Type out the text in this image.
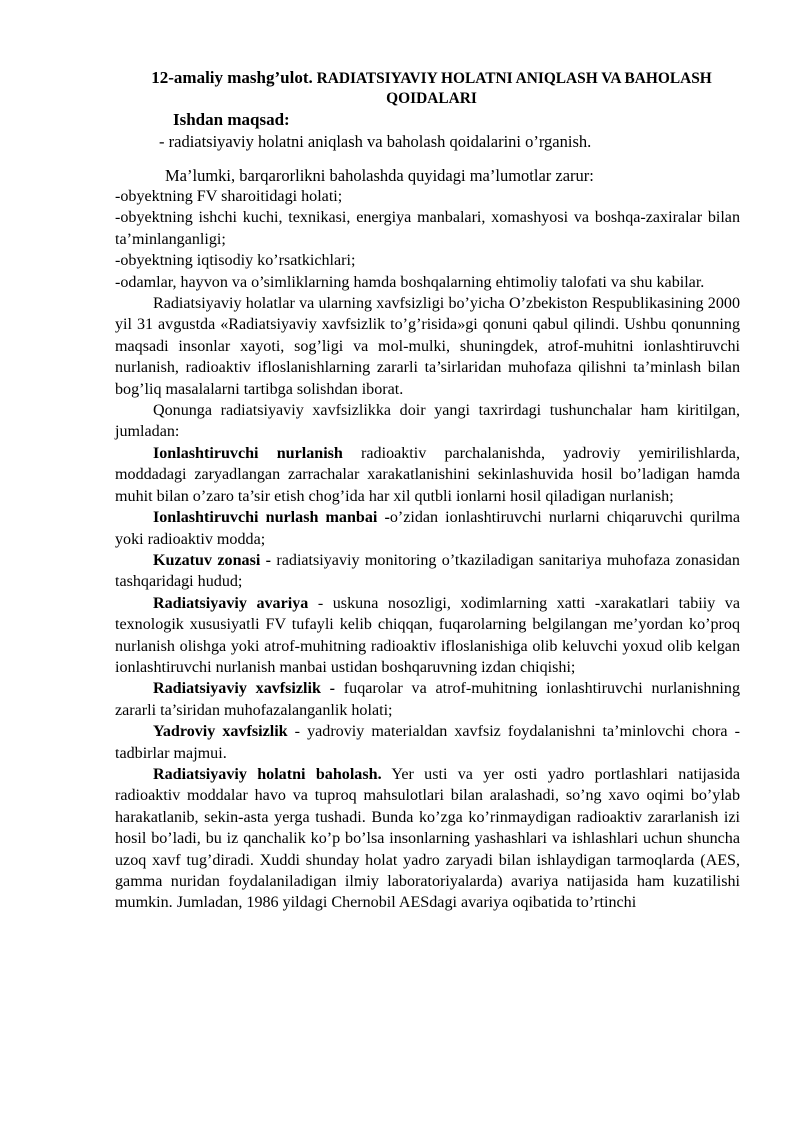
12-amaliy mashg’ulot. RADIATSIYAVIY HOLATNI ANIQLASH VA BAHOLASH QOIDALARI
Ishdan maqsad:
- radiatsiyaviy holatni aniqlash va baholash qoidalarini o’rganish.
Ma’lumki, barqarorlikni baholashda quyidagi ma’lumotlar zarur:

-obyektning FV sharoitidagi holati;

-obyektning ishchi kuchi, texnikasi, energiya manbalari, xomashyosi va boshqa-zaxiralar bilan ta’minlanganligi;

-obyektning iqtisodiy ko’rsatkichlari;

-odamlar, hayvon va o’simliklarning hamda boshqalarning ehtimoliy talofati va shu kabilar.

Radiatsiyaviy holatlar va ularning xavfsizligi bo’yicha O’zbekiston Respublikasining 2000 yil 31 avgustda «Radiatsiyaviy xavfsizlik to’g’risida»gi qonuni qabul qilindi. Ushbu qonunning maqsadi insonlar xayoti, sog’ligi va mol-mulki, shuningdek, atrof-muhitni ionlashtiruvchi nurlanish, radioaktiv ifloslanishlarning zararli ta’sirlaridan muhofaza qilishni ta’minlash bilan bog’liq masalalarni tartibga solishdan iborat.

Qonunga radiatsiyaviy xavfsizlikka doir yangi taxrirdagi tushunchalar ham kiritilgan, jumladan:

Ionlashtiruvchi nurlanish radioaktiv parchalanishda, yadroviy yemirilishlarda, moddadagi zaryadlangan zarrachalar xarakatlanishini sekinlashuvida hosil bo’ladigan hamda muhit bilan o’zaro ta’sir etish chog’ida har xil qutbli ionlarni hosil qiladigan nurlanish;

Ionlashtiruvchi nurlash manbai -o’zidan ionlashtiruvchi nurlarni chiqaruvchi qurilma yoki radioaktiv modda;

Kuzatuv zonasi - radiatsiyaviy monitoring o’tkaziladigan sanitariya muhofaza zonasidan tashqaridagi hudud;

Radiatsiyaviy avariya - uskuna nosozligi, xodimlarning xatti -xarakatlari tabiiy va texnologik xususiyatli FV tufayli kelib chiqqan, fuqarolarning belgilangan me’yordan ko’proq nurlanish olishga yoki atrof-muhitning radioaktiv ifloslanishiga olib keluvchi yoxud olib kelgan ionlashtiruvchi nurlanish manbai ustidan boshqaruvning izdan chiqishi;

Radiatsiyaviy xavfsizlik - fuqarolar va atrof-muhitning ionlashtiruvchi nurlanishning zararli ta’siridan muhofazalanganlik holati;

Yadroviy xavfsizlik - yadroviy materialdan xavfsiz foydalanishni ta’minlovchi chora -tadbirlar majmui.

Radiatsiyaviy holatni baholash. Yer usti va yer osti yadro portlashlari natijasida radioaktiv moddalar havo va tuproq mahsulotlari bilan aralashadi, so’ng xavo oqimi bo’ylab harakatlanib, sekin-asta yerga tushadi. Bunda ko’zga ko’rinmaydigan radioaktiv zararlanish izi hosil bo’ladi, bu iz qanchalik ko’p bo’lsa insonlarning yashashlari va ishlashlari uchun shuncha uzoq xavf tug’diradi. Xuddi shunday holat yadro zaryadi bilan ishlaydigan tarmoqlarda (AES, gamma nuridan foydalaniladigan ilmiy laboratoriyalarda) avariya natijasida ham kuzatilishi mumkin. Jumladan, 1986 yildagi Chernobil AESdagi avariya oqibatida to’rtinchi
